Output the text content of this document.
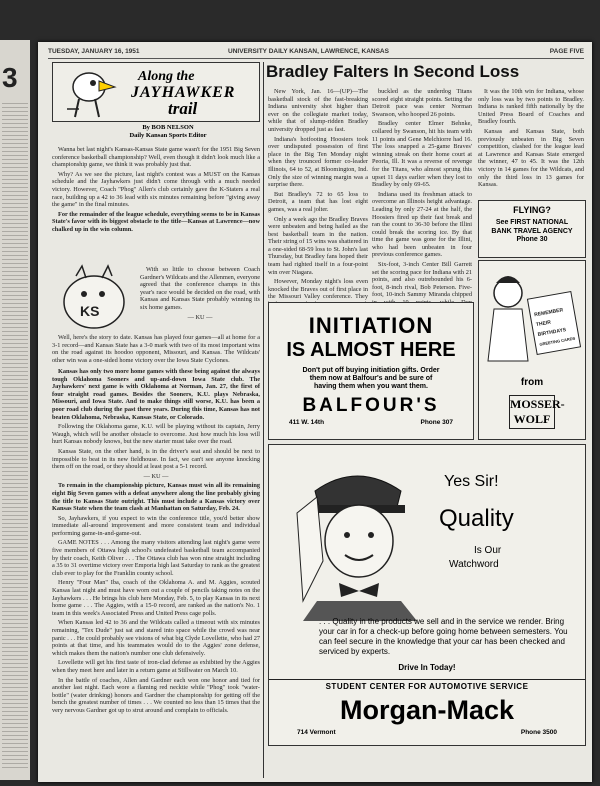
3
TUESDAY, JANUARY 16, 1951	UNIVERSITY DAILY KANSAN, LAWRENCE, KANSAS	PAGE FIVE
Along the
JAYHAWKER
trail
By BOB NELSON
Daily Kansan Sports Editor

Wanna bet last night's Kansas-Kansas State game wasn't for the 1951 Big Seven conference basketball championship? Well, even though it didn't look much like a championship game, we think it was probably just that.

Why? As we see the picture, last night's contest was a MUST on the Kansas schedule and the Jayhawkers just didn't come through with a much needed victory. However, Coach "Phog" Allen's club certainly gave the K-Staters a real race, building up a 42 to 36 lead with six minutes remaining before "giving away the game" in the final minutes.

For the remainder of the league schedule, everything seems to be in Kansas State's favor with its biggest obstacle to the title—Kansas at Lawrence—now chalked up in the win column.

KS

With so little to choose between Coach Gardner's Wildcats and the Allenmen, everyone agreed that the conference champs in this year's race would be decided on the road, with Kansas and Kansas State probably winning its six home games.

— KU —

Well, here's the story to date. Kansas has played four games—all at home for a 3-1 record—and Kansas State has a 3-0 mark with two of its most important wins on the road against its hoodoo opponent, Missouri, and Kansas. The Wildcats' other win was a one-sided home victory over the Iowa State Cyclones.

Kansas has only two more home games with these being against the always tough Oklahoma Sooners and up-and-down Iowa State club. The Jayhawkers' next game is with Oklahoma at Norman, Jan. 27, the first of four straight road games. Besides the Sooners, K.U. plays Nebraska, Missouri, and Iowa State. And to make things still worse, K.U. has been a poor road club during the past three years. During this time, Kansas has not beaten Oklahoma, Nebraska, Kansas State, or Colorado.

Following the Oklahoma game, K.U. will be playing without its captain, Jerry Waugh, which will be another obstacle to overcome. Just how much his loss will hurt Kansas nobody knows, but the new starter must take over the road.

Kansas State, on the other hand, is in the driver's seat and should be next to impossible to beat in its new fieldhouse. In fact, we can't see anyone knocking them off on the road, or they should at least post a 5-1 record.

— KU —

To remain in the championship picture, Kansas must win all its remaining eight Big Seven games with a defeat anywhere along the line probably giving the title to Kansas State outright. This must include a Kansas victory over Kansas State when the team clash at Manhattan on Saturday, Feb. 24.

So, Jayhawkers, if you expect to win the conference title, you'd better show immediate all-around improvement and more consistent team and individual performing game-in-and-game-out.

GAME NOTES . . . Among the many visitors attending last night's game were five members of Ottawa high school's undefeated basketball team accompanied by their coach, Keith Oliver . . . The Ottawa club has won nine straight including a 35 to 31 overtime victory over Emporia high last Saturday to rank as the greatest club ever to play for the Franklin county school.

Henry "Four Man" Iba, coach of the Oklahoma A. and M. Aggies, scouted Kansas last night and must have worn out a couple of pencils taking notes on the Jayhawkers . . . He brings his club here Monday, Feb. 5, to play Kansas in its next home game . . . The Aggies, with a 15-0 record, are ranked as the nation's No. 1 team in this week's Associated Press and United Press cage polls.

When Kansas led 42 to 36 and the Wildcats called a timeout with six minutes remaining, "Tex Dude" just sat and stared into space while the crowd was near panic . . . He could probably see visions of what big Clyde Lovellette, who had 27 points at that time, and his teammates would do to the Aggies' zone defense, which makes them the nation's number one club defensively.

Lovellette will get his first taste of iron-clad defense as exhibited by the Aggies when they meet here and later in a return game at Stillwater on March 10.

In the battle of coaches, Allen and Gardner each won one honor and tied for another last night. Each wore a flaming red necktie while "Phog" took "water-bottle" (water drinking) honors and Gardner the championship for getting off the bench the greatest number of times . . . We counted no less than 15 times that the very nervous Gardner got up to strut around and complain to officials.

Bradley Falters In Second Loss

New York, Jan. 16—(UP)—The basketball stock of the fast-breaking Indiana university shot higher than ever on the collegiate market today, while that of slump-ridden Bradley university dropped just as fast.

Indiana's hotfooting Hoosiers took over undisputed possession of first place in the Big Ten Monday night when they trounced former co-leader Illinois, 64 to 52, at Bloomington, Ind. Only the size of winning margin was a surprise there.

But Bradley's 72 to 65 loss to Detroit, a team that has lost eight games, was a real jolter.

Only a week ago the Bradley Braves were unbeaten and being hailed as the best basketball team in the nation. Their string of 15 wins was shattered in a one-sided 68-59 loss to St. John's last Thursday, but Bradley fans hoped their team had righted itself in a four-point win over Niagara.

However, Monday night's loss even knocked the Braves out of first place in the Missouri Valley conference. They

buckled as the underdog Titans scored eight straight points. Setting the Detroit pace was center Norman Swanson, who hooped 26 points.

Bradley center Elmer Behnke, collared by Swanson, hit his team with 11 points and Gene Melchiorre had 16. The loss snapped a 25-game Braves' winning streak on their home court at Peoria, Ill. It was a reverse of revenge for the Titans, who almost sprung this upset 11 days earlier when they lost to Bradley by only 69-65.

Indiana used its freshman attack to overcome an Illinois height advantage. Leading by only 27-24 at the half, the Hoosiers fired up their fast break and ran the count to 36-30 before the Illini could break the scoring ice. By that time the game was gone for the Illini, who had been unbeaten in four previous conference games.

Six-foot, 3-inch Center Bill Garrett set the scoring pace for Indiana with 21 points, and also outrebounded his 6-foot, 8-inch rival, Bob Peterson. Five-foot, 10-inch Sammy Miranda chipped

It was the 10th win for Indiana, whose only loss was by two points to Bradley. Indiana is ranked fifth nationally by the United Press Board of Coaches and Bradley fourth.

Kansas and Kansas State, both previously unbeaten in Big Seven competition, clashed for the league lead at Lawrence and Kansas State emerged the winner, 47 to 45. It was the 12th victory in 14 games for the Wildcats, and only the third loss in 13 games for Kansas.

FLYING?
See FIRST NATIONAL BANK TRAVEL AGENCY Phone 30
INITIATION
IS ALMOST HERE
Don't put off buying initiation gifts. Order them now at Balfour's and be sure of having them when you want them.
BALFOUR'S
411 W. 14th	Phone 307
REMEMBER
THEIR
BIRTHDAYS
GREETING CARDS
from
MOSSER-WOLF
Yes Sir!
Quality
Is Our
Watchword
. . . Quality in the products we sell and in the service we render. Bring your car in for a check-up before going home between semesters. You can feel secure in the knowledge that your car has been checked and serviced by experts.
Drive In Today!
STUDENT CENTER FOR AUTOMOTIVE SERVICE
Morgan-Mack
714 Vermont	Phone 3500
